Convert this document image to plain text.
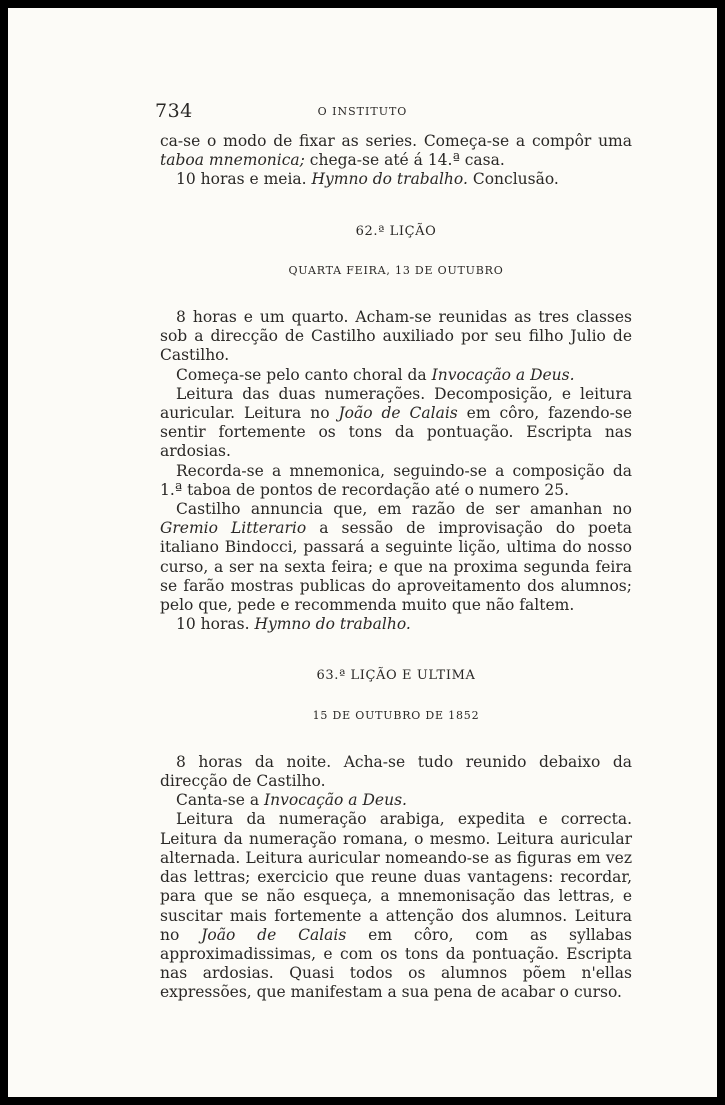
734	O INSTITUTO

ca-se o modo de fixar as series. Começa-se a compôr uma taboa mnemonica; chega-se até á 14.ª casa.

10 horas e meia. Hymno do trabalho. Conclusão.

62.ª LIÇÃO

QUARTA FEIRA, 13 DE OUTUBRO

8 horas e um quarto. Acham-se reunidas as tres classes sob a direcção de Castilho auxiliado por seu filho Julio de Castilho.

Começa-se pelo canto choral da Invocação a Deus.

Leitura das duas numerações. Decomposição, e leitura auricular. Leitura no João de Calais em côro, fazendo-se sentir fortemente os tons da pontuação. Escripta nas ardosias.

Recorda-se a mnemonica, seguindo-se a composição da 1.ª taboa de pontos de recordação até o numero 25.

Castilho annuncia que, em razão de ser amanhan no Gremio Litterario a sessão de improvisação do poeta italiano Bindocci, passará a seguinte lição, ultima do nosso curso, a ser na sexta feira; e que na proxima segunda feira se farão mostras publicas do aproveitamento dos alumnos; pelo que, pede e recommenda muito que não faltem.

10 horas. Hymno do trabalho.

63.ª LIÇÃO E ULTIMA

15 DE OUTUBRO DE 1852

8 horas da noite. Acha-se tudo reunido debaixo da direcção de Castilho.

Canta-se a Invocação a Deus.

Leitura da numeração arabiga, expedita e correcta. Leitura da numeração romana, o mesmo. Leitura auricular alternada. Leitura auricular nomeando-se as figuras em vez das lettras; exercicio que reune duas vantagens: recordar, para que se não esqueça, a mnemonisação das lettras, e suscitar mais fortemente a attenção dos alumnos. Leitura no João de Calais em côro, com as syllabas approximadissimas, e com os tons da pontuação. Escripta nas ardosias. Quasi todos os alumnos põem n'ellas expressões, que manifestam a sua pena de acabar o curso.
